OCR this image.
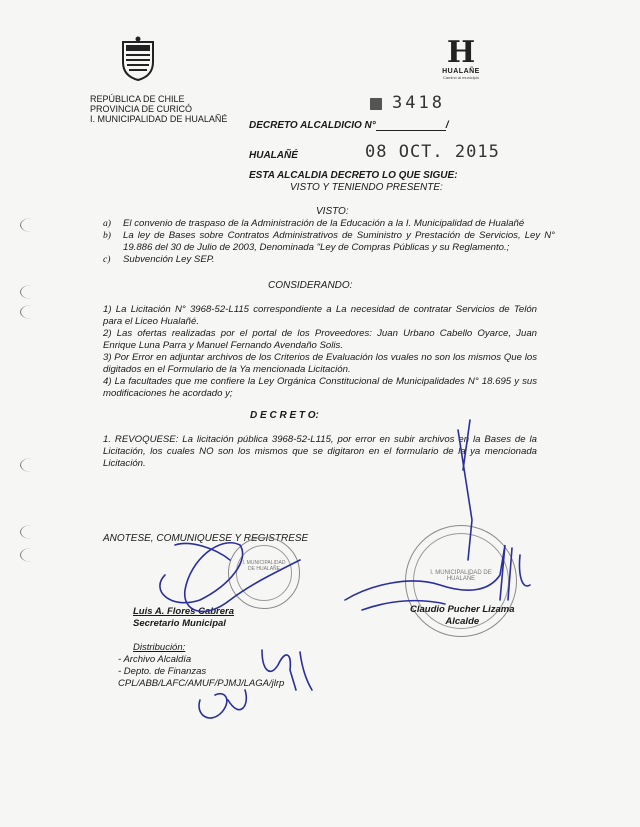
REPÚBLICA DE CHILE
PROVINCIA DE CURICÓ
I. MUNICIPALIDAD DE HUALAÑÉ
H
HUALAÑE
Camino al municipio
3418
DECRETO ALCALDICIO N°	/
HUALAÑÉ	08 OCT. 2015
ESTA ALCALDIA DECRETO LO QUE SIGUE:
VISTO Y TENIENDO PRESENTE:
VISTO:
a)	El convenio de traspaso de la Administración de la Educación a la I. Municipalidad de Hualañé
b)	La ley de Bases sobre Contratos Administrativos de Suministro y Prestación de Servicios, Ley N° 19.886 del 30 de Julio de 2003, Denominada "Ley de Compras Públicas y su Reglamento.;
c)	Subvención Ley SEP.
CONSIDERANDO:
1) La Licitación N° 3968-52-L115 correspondiente a La necesidad de contratar Servicios de Telón para el Liceo Hualañé.
2) Las ofertas realizadas por el portal de los Proveedores: Juan Urbano Cabello Oyarce, Juan Enrique Luna Parra y Manuel Fernando Avendaño Solis.
3) Por Error en adjuntar archivos de los Criterios de Evaluación los vuales no son los mismos Que los digitados en el Formulario de la Ya mencionada Licitación.
4) La facultades que me confiere la Ley Orgánica Constitucional de Municipalidades N° 18.695 y sus modificaciones he acordado y;
D E C R E T O:
1. REVOQUESE: La licitación pública 3968-52-L115, por error en subir archivos en la Bases de la Licitación, los cuales NO son los mismos que se digitaron en el formulario de la ya mencionada Licitación.
ANOTESE, COMUNIQUESE Y REGISTRESE
I. MUNICIPALIDAD DE HUALAÑE
I. MUNICIPALIDAD DE HUALAÑE
Luis A. Flores Cabrera
Secretario Municipal
Claudio Pucher Lizama
Alcalde
Distribución:
- Archivo Alcaldía
- Depto. de Finanzas
CPL/ABB/LAFC/AMUF/PJMJ/LAGA/jlrp
